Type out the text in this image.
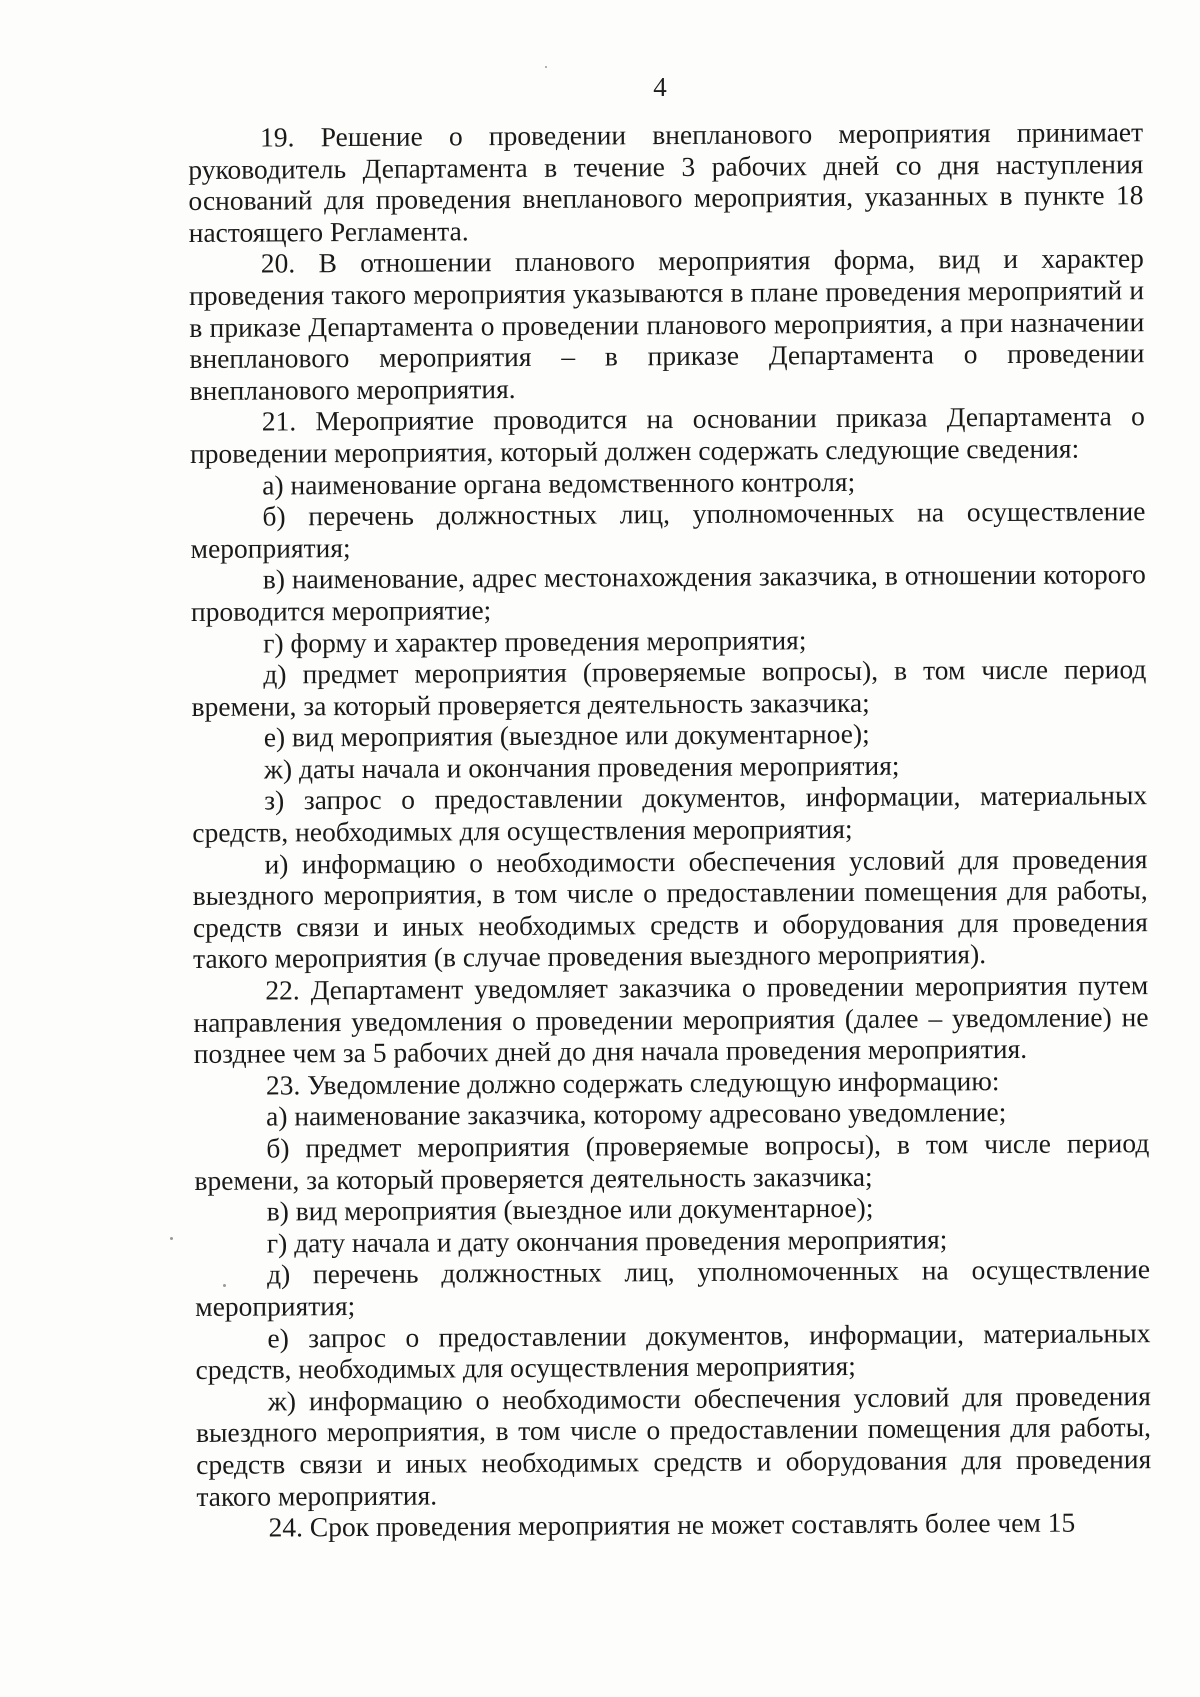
4

19. Решение о проведении внепланового мероприятия принимает руководитель Департамента в течение 3 рабочих дней со дня наступления оснований для проведения внепланового мероприятия, указанных в пункте 18 настоящего Регламента.

20. В отношении планового мероприятия форма, вид и характер проведения такого мероприятия указываются в плане проведения мероприятий и в приказе Департамента о проведении планового мероприятия, а при назначении внепланового мероприятия – в приказе Департамента о проведении внепланового мероприятия.

21. Мероприятие проводится на основании приказа Департамента о проведении мероприятия, который должен содержать следующие сведения:

а) наименование органа ведомственного контроля;

б) перечень должностных лиц, уполномоченных на осуществление мероприятия;

в) наименование, адрес местонахождения заказчика, в отношении которого проводится мероприятие;

г) форму и характер проведения мероприятия;

д) предмет мероприятия (проверяемые вопросы), в том числе период времени, за который проверяется деятельность заказчика;

е) вид мероприятия (выездное или документарное);

ж) даты начала и окончания проведения мероприятия;

з) запрос о предоставлении документов, информации, материальных средств, необходимых для осуществления мероприятия;

и) информацию о необходимости обеспечения условий для проведения выездного мероприятия, в том числе о предоставлении помещения для работы, средств связи и иных необходимых средств и оборудования для проведения такого мероприятия (в случае проведения выездного мероприятия).

22. Департамент уведомляет заказчика о проведении мероприятия путем направления уведомления о проведении мероприятия (далее – уведомление) не позднее чем за 5 рабочих дней до дня начала проведения мероприятия.

23. Уведомление должно содержать следующую информацию:

а) наименование заказчика, которому адресовано уведомление;

б) предмет мероприятия (проверяемые вопросы), в том числе период времени, за который проверяется деятельность заказчика;

в) вид мероприятия (выездное или документарное);

г) дату начала и дату окончания проведения мероприятия;

д) перечень должностных лиц, уполномоченных на осуществление мероприятия;

е) запрос о предоставлении документов, информации, материальных средств, необходимых для осуществления мероприятия;

ж) информацию о необходимости обеспечения условий для проведения выездного мероприятия, в том числе о предоставлении помещения для работы, средств связи и иных необходимых средств и оборудования для проведения такого мероприятия.

24. Срок проведения мероприятия не может составлять более чем 15
